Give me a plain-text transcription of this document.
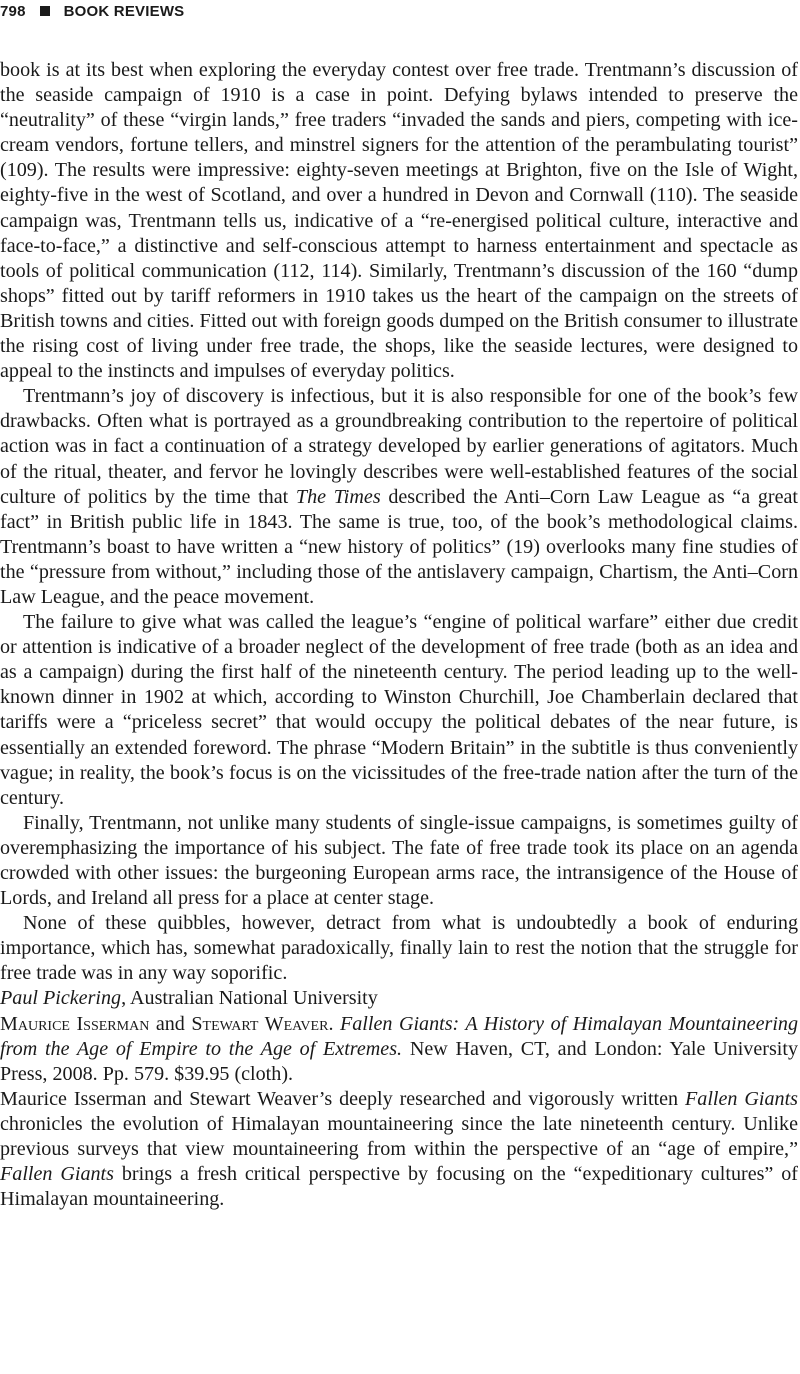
798	BOOK REVIEWS

book is at its best when exploring the everyday contest over free trade. Trentmann’s discussion of the seaside campaign of 1910 is a case in point. Defying bylaws intended to preserve the “neutrality” of these “virgin lands,” free traders “invaded the sands and piers, competing with ice-cream vendors, fortune tellers, and minstrel signers for the attention of the perambulating tourist” (109). The results were impressive: eighty-seven meetings at Brighton, five on the Isle of Wight, eighty-five in the west of Scotland, and over a hundred in Devon and Cornwall (110). The seaside campaign was, Trentmann tells us, indicative of a “re-energised political culture, interactive and face-to-face,” a distinctive and self-conscious attempt to harness entertainment and spectacle as tools of political communication (112, 114). Similarly, Trentmann’s discussion of the 160 “dump shops” fitted out by tariff reformers in 1910 takes us the heart of the campaign on the streets of British towns and cities. Fitted out with foreign goods dumped on the British consumer to illustrate the rising cost of living under free trade, the shops, like the seaside lectures, were designed to appeal to the instincts and impulses of everyday politics.

Trentmann’s joy of discovery is infectious, but it is also responsible for one of the book’s few drawbacks. Often what is portrayed as a groundbreaking contribution to the repertoire of political action was in fact a continuation of a strategy developed by earlier generations of agitators. Much of the ritual, theater, and fervor he lovingly describes were well-established features of the social culture of politics by the time that The Times described the Anti–Corn Law League as “a great fact” in British public life in 1843. The same is true, too, of the book’s methodological claims. Trentmann’s boast to have written a “new history of politics” (19) overlooks many fine studies of the “pressure from without,” including those of the antislavery campaign, Chartism, the Anti–Corn Law League, and the peace movement.

The failure to give what was called the league’s “engine of political warfare” either due credit or attention is indicative of a broader neglect of the development of free trade (both as an idea and as a campaign) during the first half of the nineteenth century. The period leading up to the well-known dinner in 1902 at which, according to Winston Churchill, Joe Chamberlain declared that tariffs were a “priceless secret” that would occupy the political debates of the near future, is essentially an extended foreword. The phrase “Modern Britain” in the subtitle is thus conveniently vague; in reality, the book’s focus is on the vicissitudes of the free-trade nation after the turn of the century.

Finally, Trentmann, not unlike many students of single-issue campaigns, is sometimes guilty of overemphasizing the importance of his subject. The fate of free trade took its place on an agenda crowded with other issues: the burgeoning European arms race, the intransigence of the House of Lords, and Ireland all press for a place at center stage.

None of these quibbles, however, detract from what is undoubtedly a book of enduring importance, which has, somewhat paradoxically, finally lain to rest the notion that the struggle for free trade was in any way soporific.

Paul Pickering, Australian National University

Maurice Isserman and Stewart Weaver. Fallen Giants: A History of Himalayan Mountaineering from the Age of Empire to the Age of Extremes. New Haven, CT, and London: Yale University Press, 2008. Pp. 579. $39.95 (cloth).

Maurice Isserman and Stewart Weaver’s deeply researched and vigorously written Fallen Giants chronicles the evolution of Himalayan mountaineering since the late nineteenth century. Unlike previous surveys that view mountaineering from within the perspective of an “age of empire,” Fallen Giants brings a fresh critical perspective by focusing on the “expeditionary cultures” of Himalayan mountaineering.
